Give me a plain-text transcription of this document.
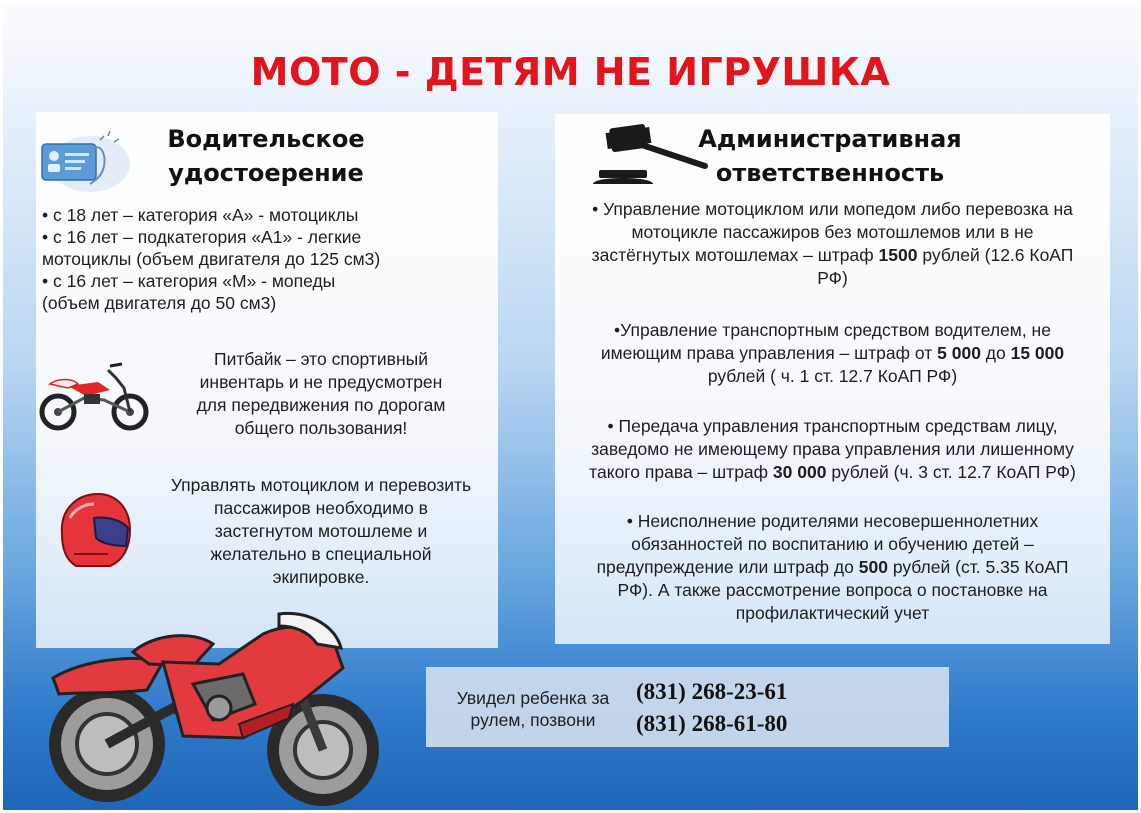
МОТО - ДЕТЯМ НЕ ИГРУШКА
Водительское
удостоерение
• с 18 лет – категория «А» - мотоциклы
• с 16 лет – подкатегория «А1» - легкие
мотоциклы (объем двигателя до 125 см3)
• с 16 лет – категория «М» - мопеды
(объем двигателя до 50 см3)
Питбайк – это спортивный
инвентарь и не предусмотрен
для передвижения по дорогам
общего пользования!
Управлять мотоциклом и перевозить
пассажиров необходимо в
застегнутом мотошлеме и
желательно в специальной
экипировке.
Административная
ответственность
• Управление мотоциклом или мопедом либо перевозка на
мотоцикле пассажиров без мотошлемов или в не
застёгнутых мотошлемах – штраф 1500 рублей (12.6 КоАП
РФ)
•Управление транспортным средством водителем, не
имеющим права управления – штраф от 5 000 до 15 000
рублей ( ч. 1 ст. 12.7 КоАП РФ)
• Передача управления транспортным средствам лицу,
заведомо не имеющему права управления или лишенному
такого права – штраф 30 000 рублей (ч. 3 ст. 12.7 КоАП РФ)
• Неисполнение родителями несовершеннолетних
обязанностей по воспитанию и обучению детей –
предупреждение или штраф до 500 рублей (ст. 5.35 КоАП
РФ). А также рассмотрение вопроса о постановке на
профилактический учет
Увидел ребенка за
рулем, позвони
(831) 268-23-61
(831) 268-61-80
